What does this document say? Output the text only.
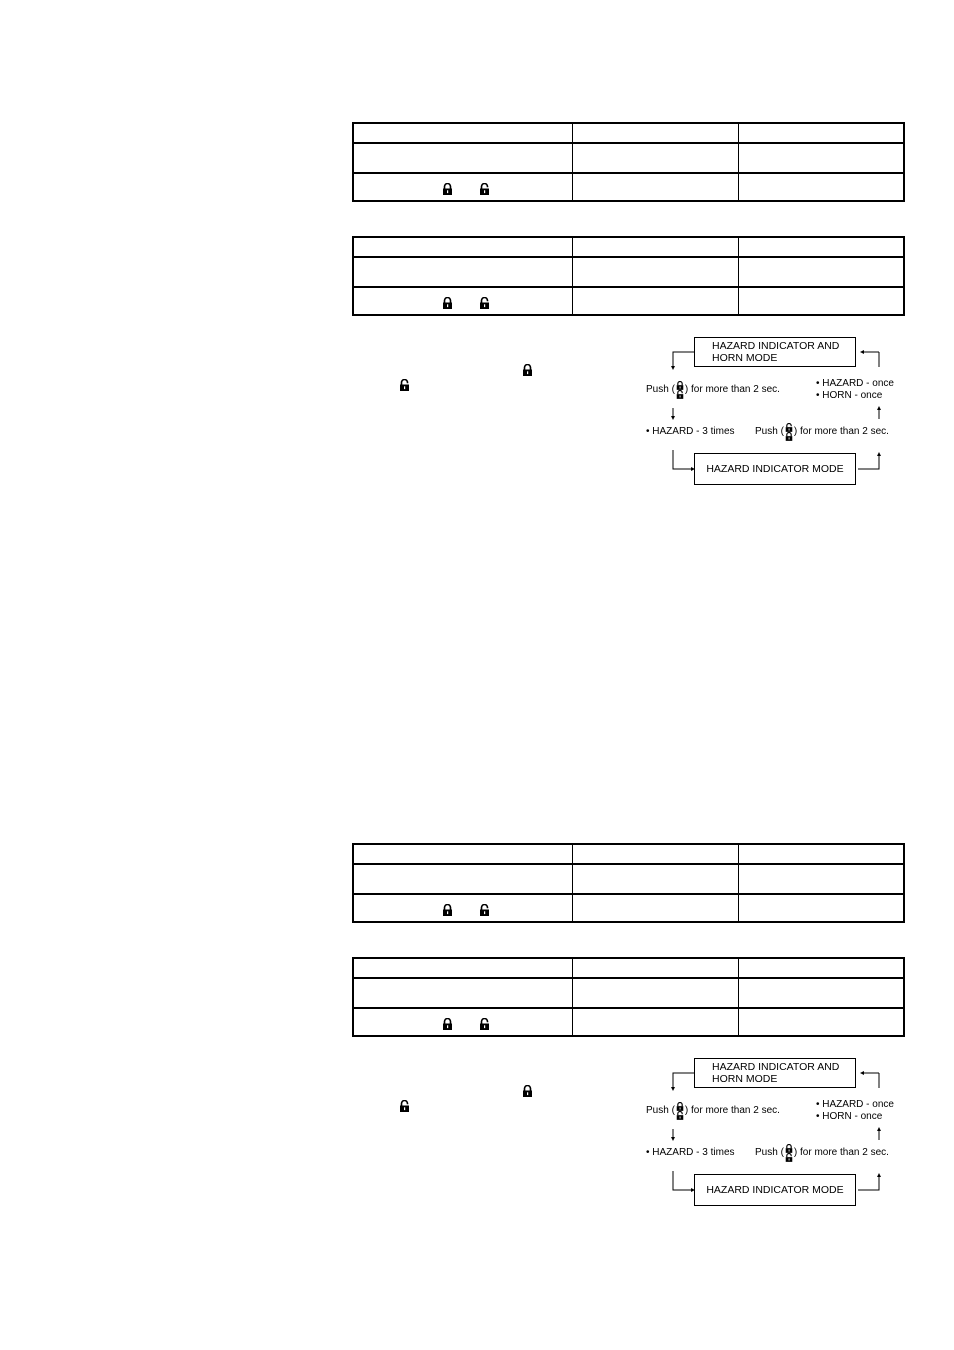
HAZARD INDICATOR AND
HORN MODE
Push ( ) for more than 2 sec.
• HAZARD - once
• HORN - once
• HAZARD - 3 times Push ( ) for more than 2 sec.
HAZARD INDICATOR MODE
HAZARD INDICATOR AND
HORN MODE
Push ( ) for more than 2 sec.
• HAZARD - once
• HORN - once
• HAZARD - 3 times Push ( ) for more than 2 sec.
HAZARD INDICATOR MODE
